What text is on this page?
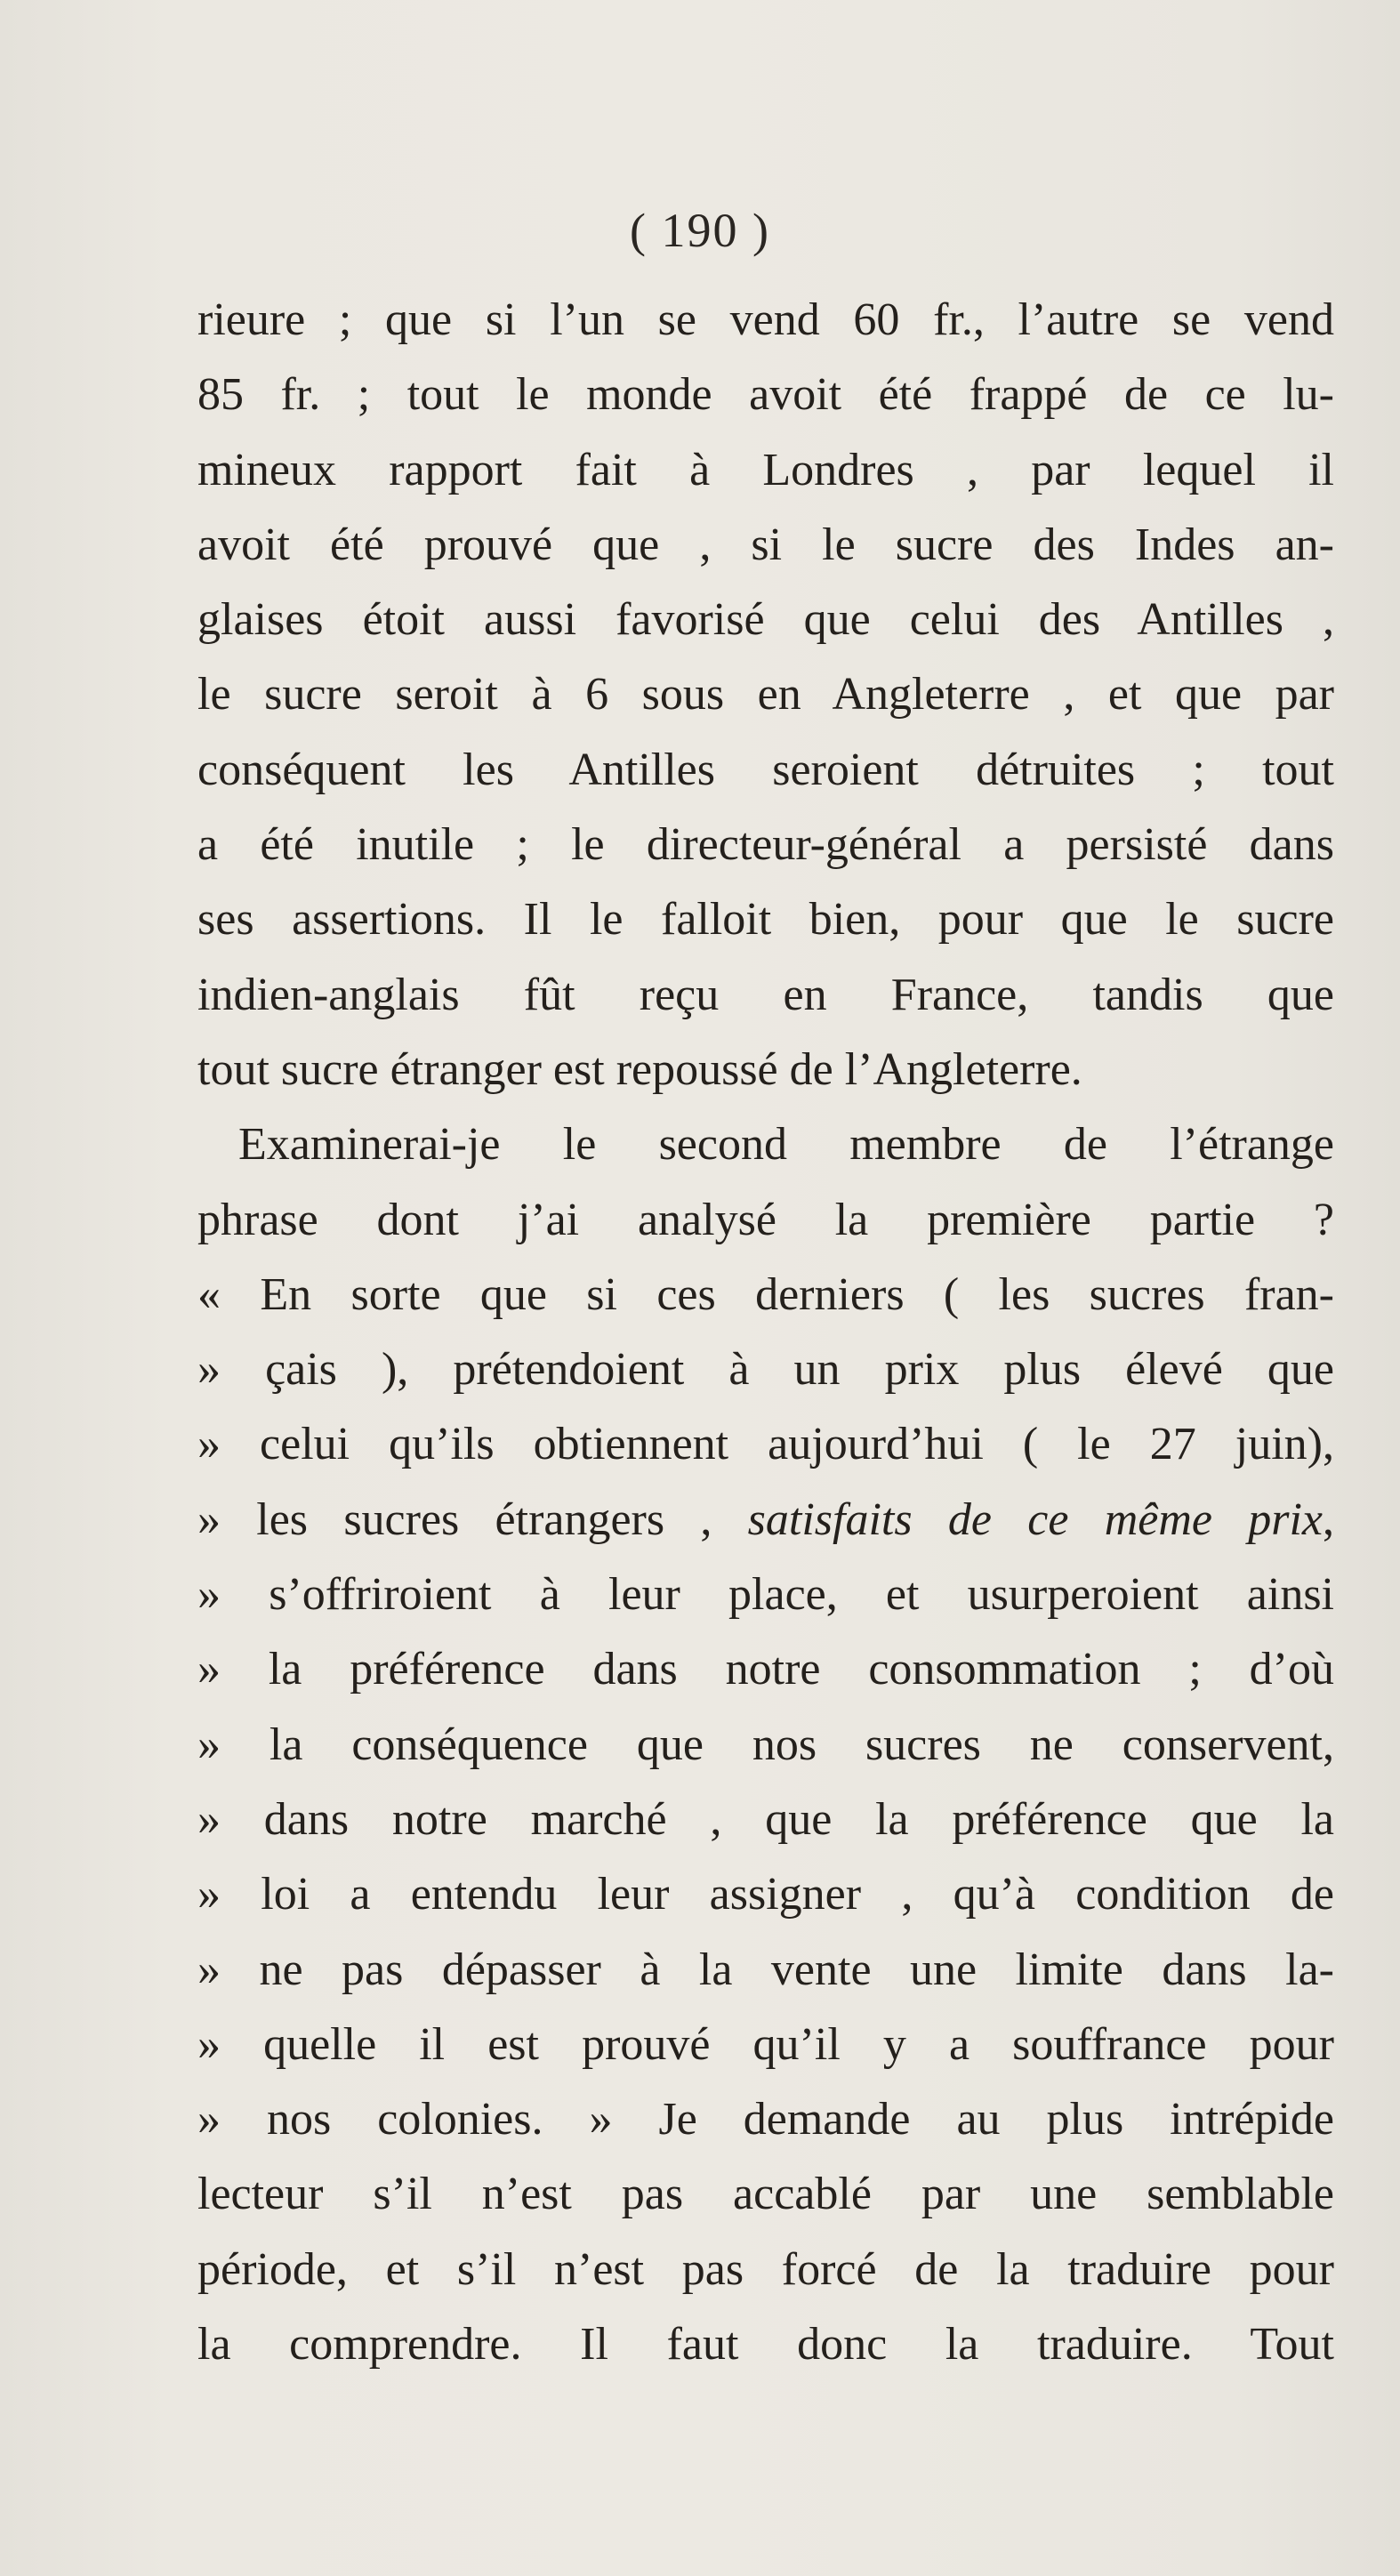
( 190 )
rieure ; que si l’un se vend 60 fr., l’autre se vend
85 fr. ; tout le monde avoit été frappé de ce lu-
mineux rapport fait à Londres , par lequel il
avoit été prouvé que , si le sucre des Indes an-
glaises étoit aussi favorisé que celui des Antilles ,
le sucre seroit à 6 sous en Angleterre , et que par
conséquent les Antilles seroient détruites ; tout
a été inutile ; le directeur-général a persisté dans
ses assertions. Il le falloit bien, pour que le sucre
indien-anglais fût reçu en France, tandis que
tout sucre étranger est repoussé de l’Angleterre.
Examinerai-je le second membre de l’étrange
phrase dont j’ai analysé la première partie ?
« En sorte que si ces derniers ( les sucres fran-
» çais ), prétendoient à un prix plus élevé que
» celui qu’ils obtiennent aujourd’hui ( le 27 juin),
» les sucres étrangers , satisfaits de ce même prix,
» s’offriroient à leur place, et usurperoient ainsi
» la préférence dans notre consommation ; d’où
» la conséquence que nos sucres ne conservent,
» dans notre marché , que la préférence que la
» loi a entendu leur assigner , qu’à condition de
» ne pas dépasser à la vente une limite dans la-
» quelle il est prouvé qu’il y a souffrance pour
» nos colonies. » Je demande au plus intrépide
lecteur s’il n’est pas accablé par une semblable
période, et s’il n’est pas forcé de la traduire pour
la comprendre. Il faut donc la traduire. Tout
